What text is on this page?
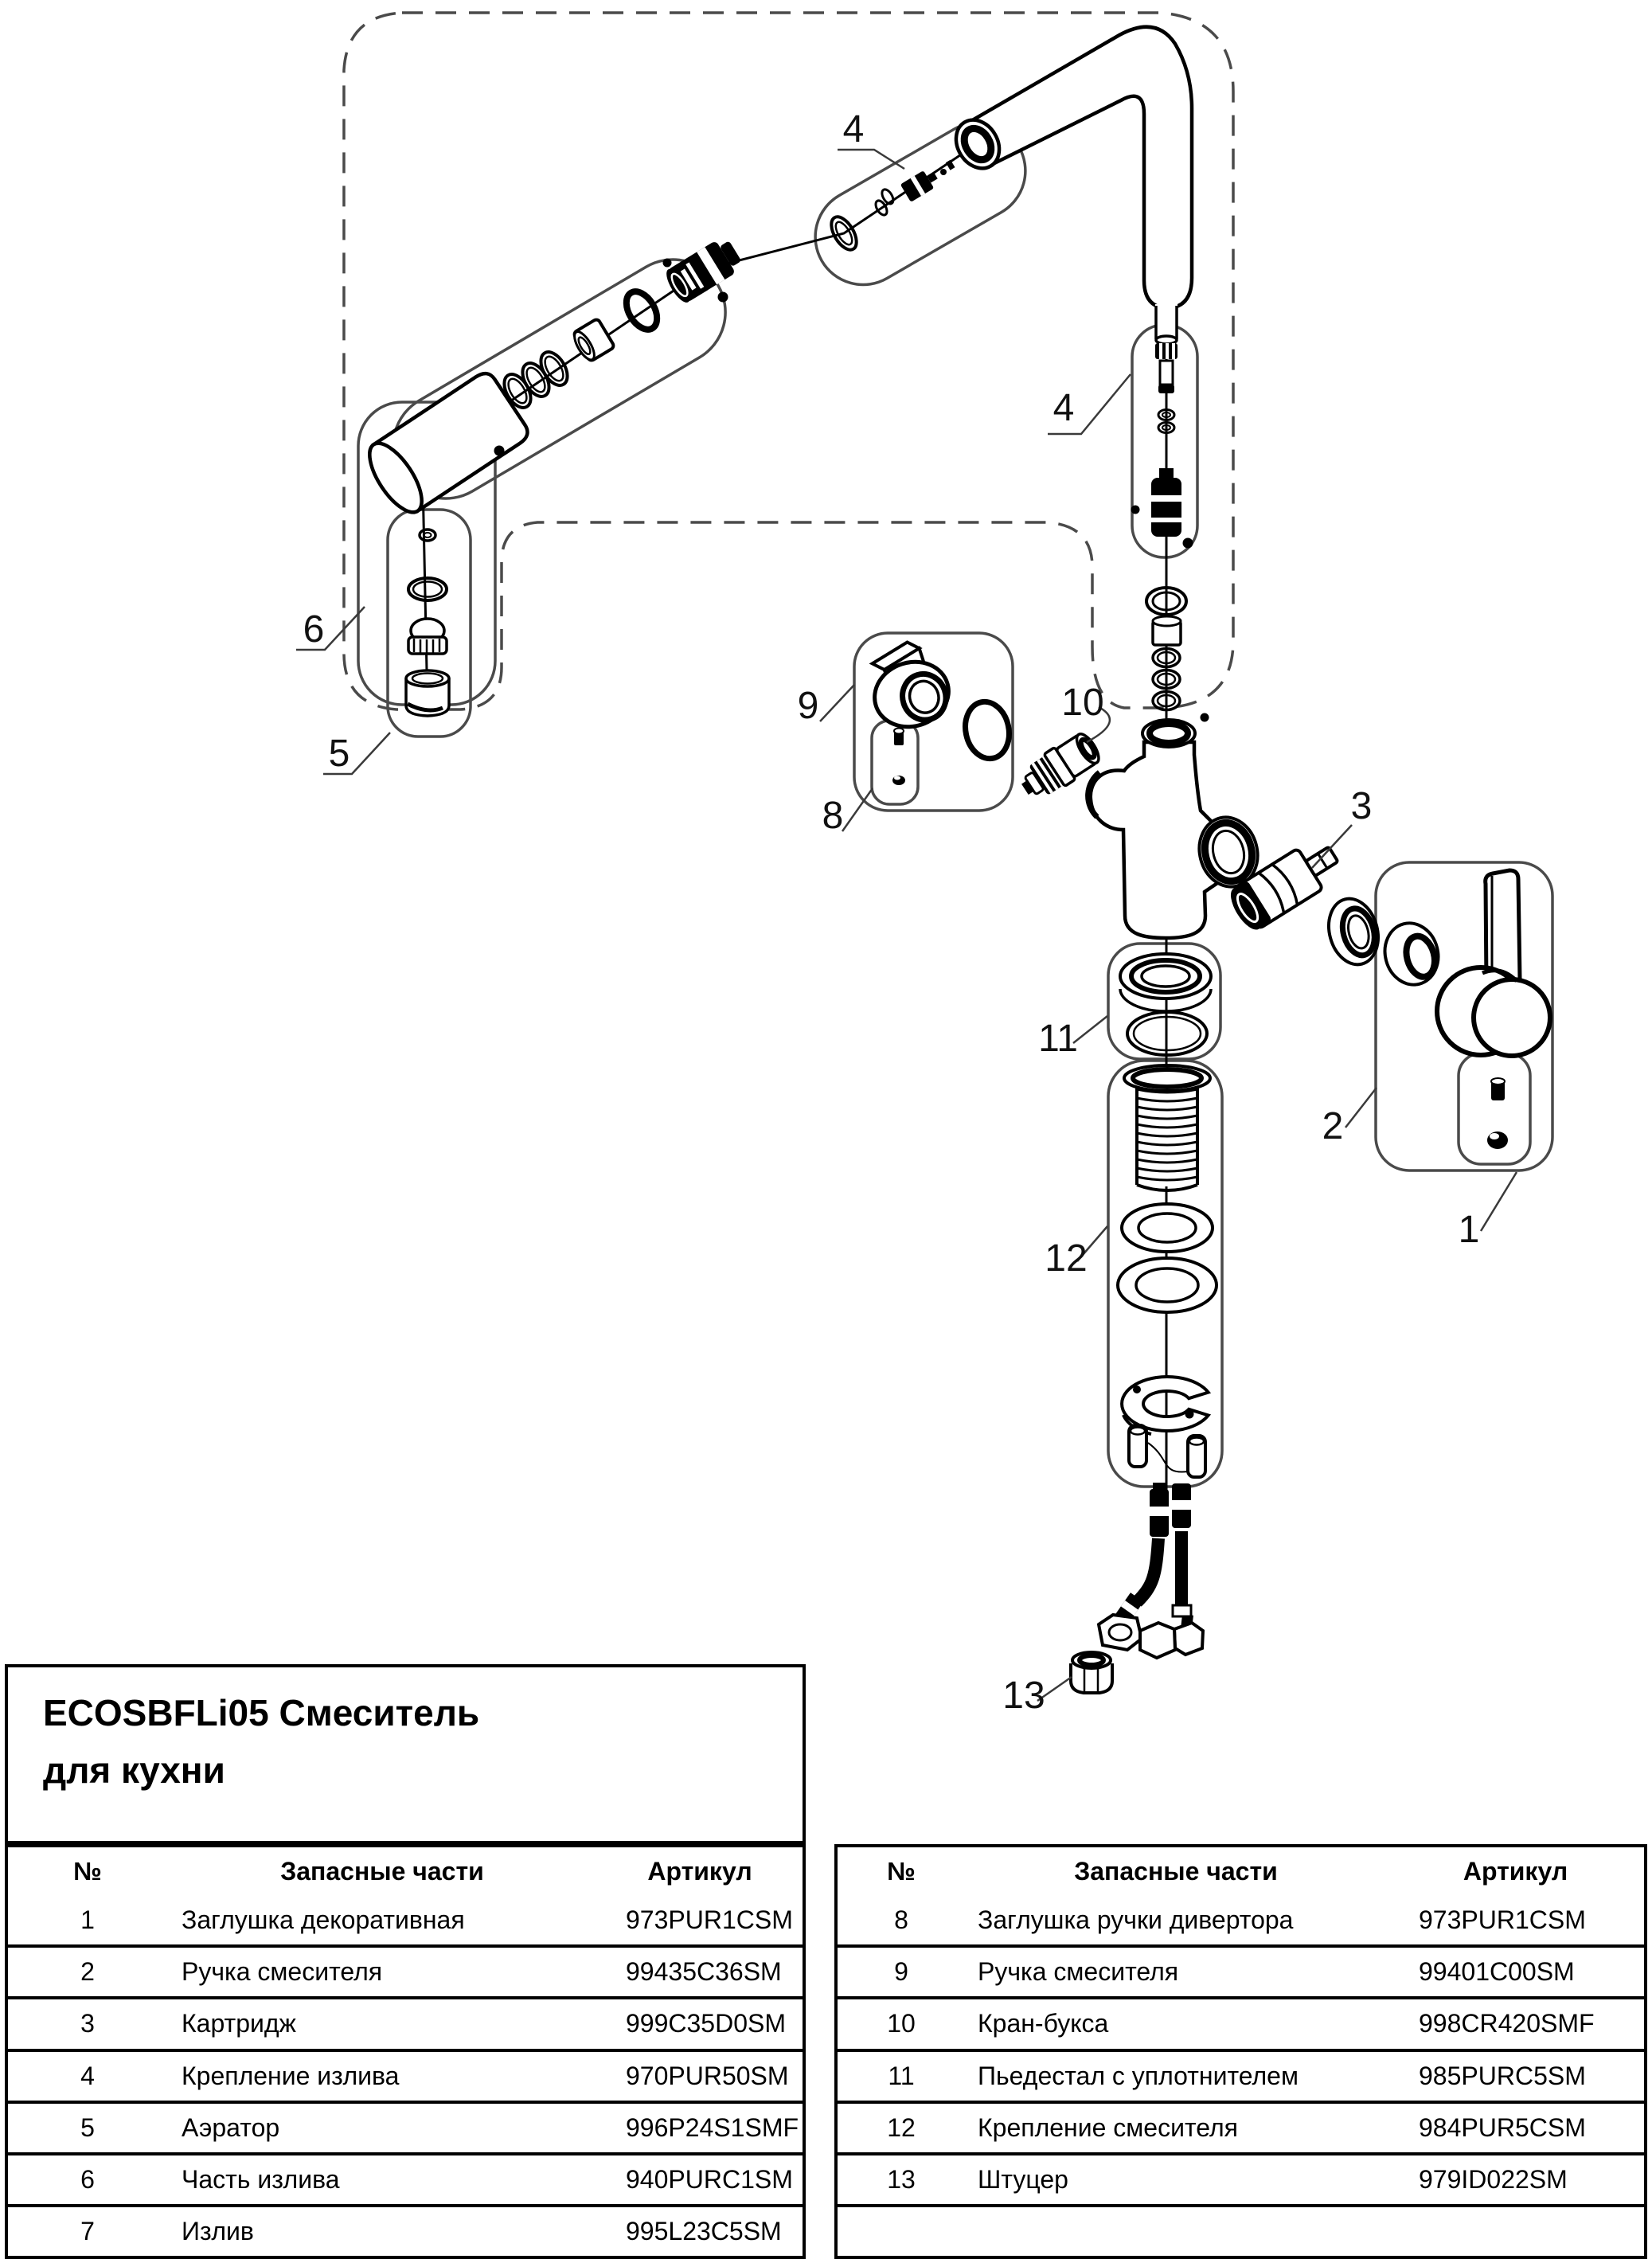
4
4
6
5
9
8
10
3
11
2
1
12
13
ECOSBFLi05 Смеситель
для кухни
№	Запасные части	Артикул
1	Заглушка декоративная	973PUR1CSM
2	Ручка смесителя	99435C36SM
3	Картридж	999C35D0SM
4	Крепление излива	970PUR50SM
5	Аэратор	996P24S1SMF
6	Часть излива	940PURC1SM
7	Излив	995L23C5SM
№	Запасные части	Артикул
8	Заглушка ручки дивертора	973PUR1CSM
9	Ручка смесителя	99401C00SM
10	Кран-букса	998CR420SMF
11	Пьедестал с уплотнителем	985PURC5SM
12	Крепление смесителя	984PUR5CSM
13	Штуцер	979ID022SM
